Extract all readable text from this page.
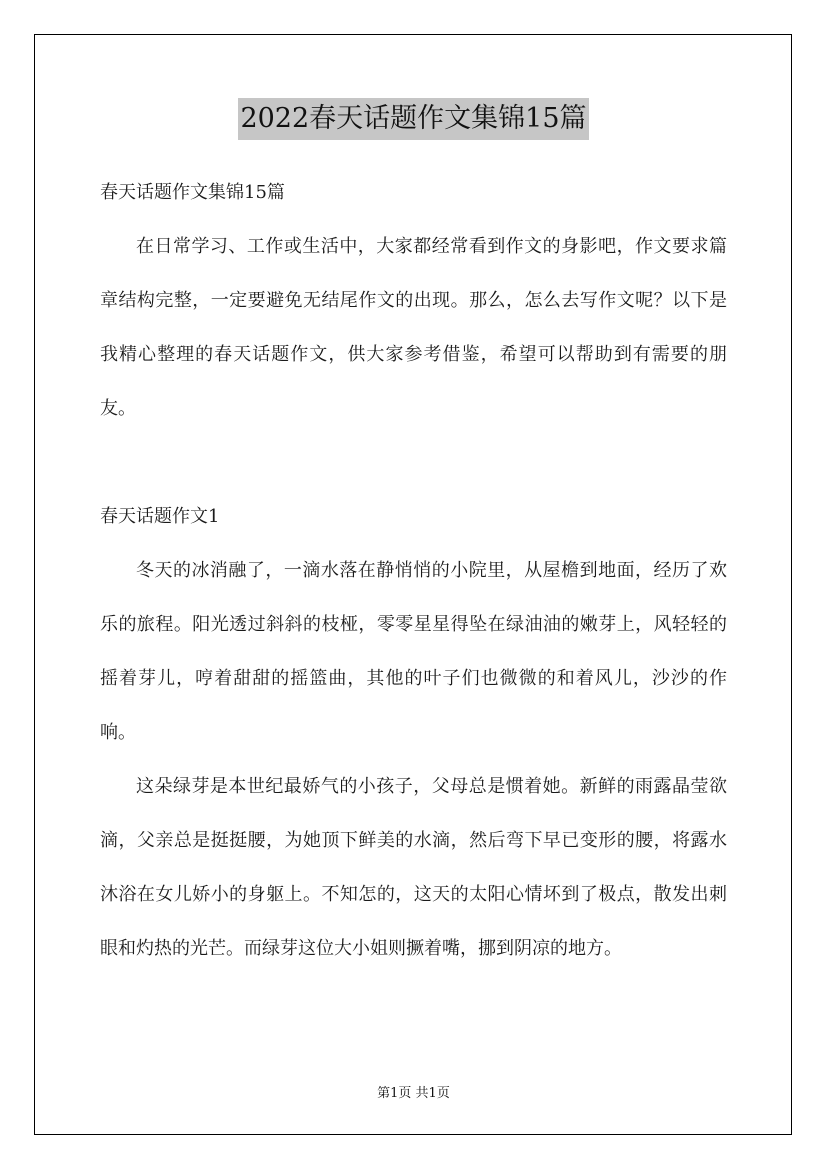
2022春天话题作文集锦15篇

春天话题作文集锦15篇

在日常学习、工作或生活中，大家都经常看到作文的身影吧，作文要求篇章结构完整，一定要避免无结尾作文的出现。那么，怎么去写作文呢？以下是我精心整理的春天话题作文，供大家参考借鉴，希望可以帮助到有需要的朋友。

春天话题作文1

冬天的冰消融了，一滴水落在静悄悄的小院里，从屋檐到地面，经历了欢乐的旅程。阳光透过斜斜的枝桠，零零星星得坠在绿油油的嫩芽上，风轻轻的摇着芽儿，哼着甜甜的摇篮曲，其他的叶子们也微微的和着风儿，沙沙的作响。

这朵绿芽是本世纪最娇气的小孩子，父母总是惯着她。新鲜的雨露晶莹欲滴，父亲总是挺挺腰，为她顶下鲜美的水滴，然后弯下早已变形的腰，将露水沐浴在女儿娇小的身躯上。不知怎的，这天的太阳心情坏到了极点，散发出刺眼和灼热的光芒。而绿芽这位大小姐则撅着嘴，挪到阴凉的地方。

第1页 共1页
